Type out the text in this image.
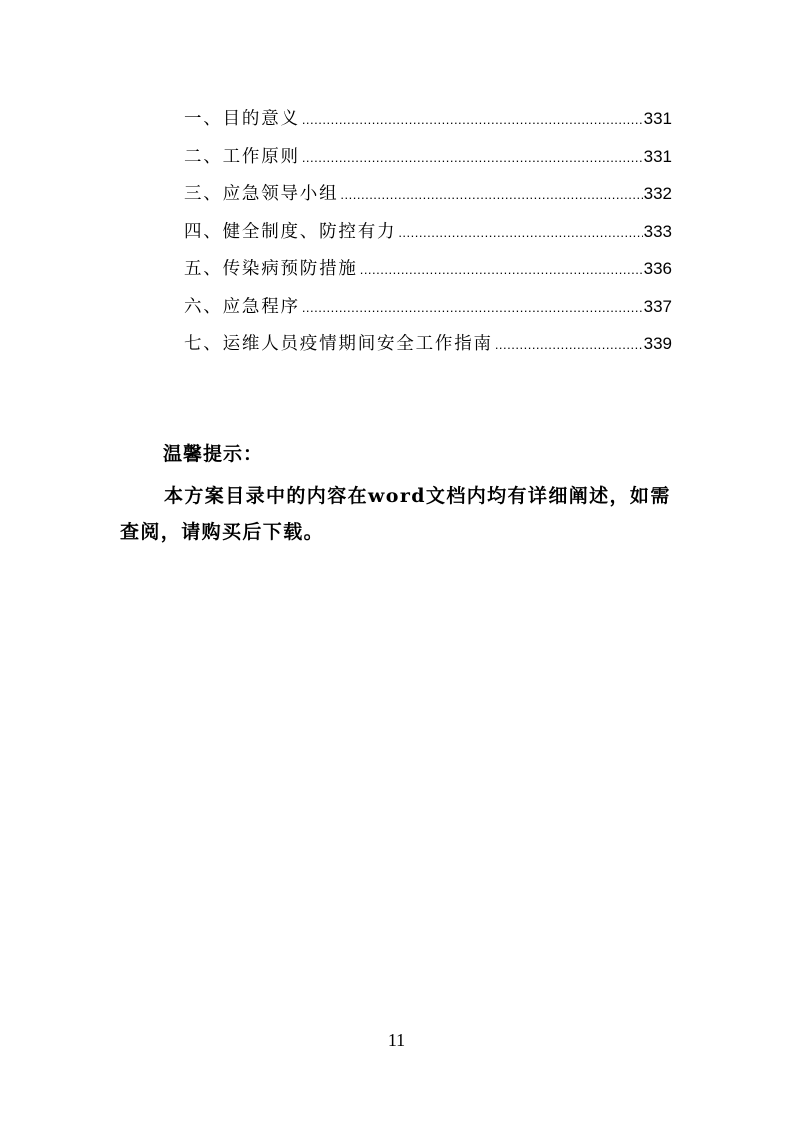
一、目的意义 .....	331
二、工作原则 .....	331
三、应急领导小组 .....	332
四、健全制度、防控有力 .....	333
五、传染病预防措施 .....	336
六、应急程序 .....	337
七、运维人员疫情期间安全工作指南 .....	339
温馨提示：

本方案目录中的内容在word文档内均有详细阐述，如需查阅，请购买后下载。

11
